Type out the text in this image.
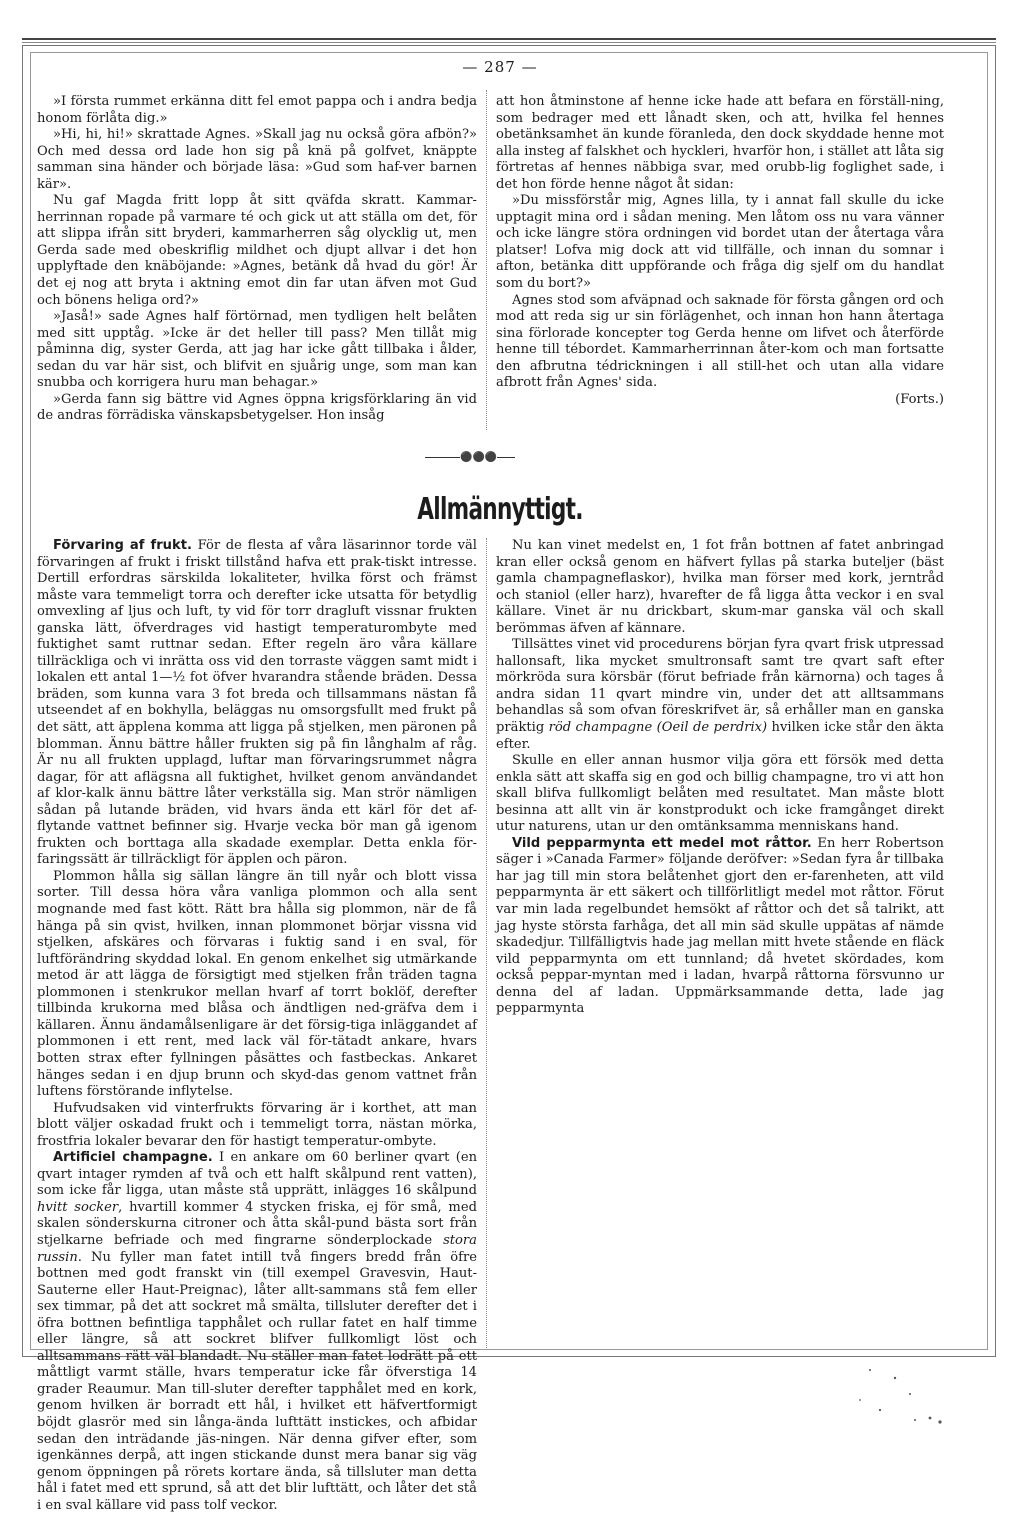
— 287 —

»I första rummet erkänna ditt fel emot pappa och i andra bedja honom förlåta dig.»

»Hi, hi, hi!» skrattade Agnes. »Skall jag nu också göra afbön?» Och med dessa ord lade hon sig på knä på golfvet, knäppte samman sina händer och började läsa: »Gud som haf-ver barnen kär».

Nu gaf Magda fritt lopp åt sitt qväfda skratt. Kammar-herrinnan ropade på varmare té och gick ut att ställa om det, för att slippa ifrån sitt bryderi, kammarherren såg olycklig ut, men Gerda sade med obeskriflig mildhet och djupt allvar i det hon upplyftade den knäböjande: »Agnes, betänk då hvad du gör! Är det ej nog att bryta i aktning emot din far utan äfven mot Gud och bönens heliga ord?»

»Jaså!» sade Agnes half förtörnad, men tydligen helt belåten med sitt upptåg. »Icke är det heller till pass? Men tillåt mig påminna dig, syster Gerda, att jag har icke gått tillbaka i ålder, sedan du var här sist, och blifvit en sjuårig unge, som man kan snubba och korrigera huru man behagar.»

»Gerda fann sig bättre vid Agnes öppna krigsförklaring än vid de andras förrädiska vänskapsbetygelser. Hon insåg

att hon åtminstone af henne icke hade att befara en förställ-ning, som bedrager med ett lånadt sken, och att, hvilka fel hennes obetänksamhet än kunde föranleda, den dock skyddade henne mot alla insteg af falskhet och hyckleri, hvarför hon, i stället att låta sig förtretas af hennes näbbiga svar, med orubb-lig foglighet sade, i det hon förde henne något åt sidan:

»Du missförstår mig, Agnes lilla, ty i annat fall skulle du icke upptagit mina ord i sådan mening. Men låtom oss nu vara vänner och icke längre störa ordningen vid bordet utan der återtaga våra platser! Lofva mig dock att vid tillfälle, och innan du somnar i afton, betänka ditt uppförande och fråga dig sjelf om du handlat som du bort?»

Agnes stod som afväpnad och saknade för första gången ord och mod att reda sig ur sin förlägenhet, och innan hon hann återtaga sina förlorade koncepter tog Gerda henne om lifvet och återförde henne till tébordet. Kammarherrinnan åter-kom och man fortsatte den afbrutna tédrickningen i all still-het och utan alla vidare afbrott från Agnes' sida.

(Forts.)

⚫⚫⚫
Allmännyttigt.

Förvaring af frukt. För de flesta af våra läsarinnor torde väl förvaringen af frukt i friskt tillstånd hafva ett prak-tiskt intresse. Dertill erfordras särskilda lokaliteter, hvilka först och främst måste vara temmeligt torra och derefter icke utsatta för betydlig omvexling af ljus och luft, ty vid för torr dragluft vissnar frukten ganska lätt, öfverdrages vid hastigt temperaturombyte med fuktighet samt ruttnar sedan. Efter regeln äro våra källare tillräckliga och vi inrätta oss vid den torraste väggen samt midt i lokalen ett antal 1—½ fot öfver hvarandra stående bräden. Dessa bräden, som kunna vara 3 fot breda och tillsammans nästan få utseendet af en bokhylla, beläggas nu omsorgsfullt med frukt på det sätt, att äpplena komma att ligga på stjelken, men päronen på blomman. Ännu bättre håller frukten sig på fin långhalm af råg. Är nu all frukten upplagd, luftar man förvaringsrummet några dagar, för att aflägsna all fuktighet, hvilket genom användandet af klor-kalk ännu bättre låter verkställa sig. Man strör nämligen sådan på lutande bräden, vid hvars ända ett kärl för det af-flytande vattnet befinner sig. Hvarje vecka bör man gå igenom frukten och borttaga alla skadade exemplar. Detta enkla för-faringssätt är tillräckligt för äpplen och päron.

Plommon hålla sig sällan längre än till nyår och blott vissa sorter. Till dessa höra våra vanliga plommon och alla sent mognande med fast kött. Rätt bra hålla sig plommon, när de få hänga på sin qvist, hvilken, innan plommonet börjar vissna vid stjelken, afskäres och förvaras i fuktig sand i en sval, för luftförändring skyddad lokal. En genom enkelhet sig utmärkande metod är att lägga de försigtigt med stjelken från träden tagna plommonen i stenkrukor mellan hvarf af torrt boklöf, derefter tillbinda krukorna med blåsa och ändtligen ned-gräfva dem i källaren. Ännu ändamålsenligare är det försig-tiga inläggandet af plommonen i ett rent, med lack väl för-tätadt ankare, hvars botten strax efter fyllningen påsättes och fastbeckas. Ankaret hänges sedan i en djup brunn och skyd-das genom vattnet från luftens förstörande inflytelse.

Hufvudsaken vid vinterfrukts förvaring är i korthet, att man blott väljer oskadad frukt och i temmeligt torra, nästan mörka, frostfria lokaler bevarar den för hastigt temperatur-ombyte.

Artificiel champagne. I en ankare om 60 berliner qvart (en qvart intager rymden af två och ett halft skålpund rent vatten), som icke får ligga, utan måste stå upprätt, inlägges 16 skålpund hvitt socker, hvartill kommer 4 stycken friska, ej för små, med skalen sönderskurna citroner och åtta skål-pund bästa sort från stjelkarne befriade och med fingrarne sönderplockade stora russin. Nu fyller man fatet intill två fingers bredd från öfre bottnen med godt franskt vin (till exempel Gravesvin, Haut-Sauterne eller Haut-Preignac), låter allt-sammans stå fem eller sex timmar, på det att sockret må smälta, tillsluter derefter det i öfra bottnen befintliga tapphålet och rullar fatet en half timme eller längre, så att sockret blifver fullkomligt löst och alltsammans rätt väl blandadt. Nu ställer man fatet lodrätt på ett måttligt varmt ställe, hvars temperatur icke får öfverstiga 14 grader Reaumur. Man till-sluter derefter tapphålet med en kork, genom hvilken är borradt ett hål, i hvilket ett häfvertformigt böjdt glasrör med sin långa-ända lufttätt instickes, och afbidar sedan den inträdande jäs-ningen. När denna gifver efter, som igenkännes derpå, att ingen stickande dunst mera banar sig väg genom öppningen på rörets kortare ända, så tillsluter man detta hål i fatet med ett sprund, så att det blir lufttätt, och låter det stå i en sval källare vid pass tolf veckor.

Nu kan vinet medelst en, 1 fot från bottnen af fatet anbringad kran eller också genom en häfvert fyllas på starka buteljer (bäst gamla champagneflaskor), hvilka man förser med kork, jerntråd och staniol (eller harz), hvarefter de få ligga åtta veckor i en sval källare. Vinet är nu drickbart, skum-mar ganska väl och skall berömmas äfven af kännare.

Tillsättes vinet vid procedurens början fyra qvart frisk utpressad hallonsaft, lika mycket smultronsaft samt tre qvart saft efter mörkröda sura körsbär (förut befriade från kärnorna) och tages å andra sidan 11 qvart mindre vin, under det att alltsammans behandlas så som ofvan föreskrifvet är, så erhåller man en ganska präktig röd champagne (Oeil de perdrix) hvilken icke står den äkta efter.

Skulle en eller annan husmor vilja göra ett försök med detta enkla sätt att skaffa sig en god och billig champagne, tro vi att hon skall blifva fullkomligt belåten med resultatet. Man måste blott besinna att allt vin är konstprodukt och icke framgånget direkt utur naturens, utan ur den omtänksamma menniskans hand.

Vild pepparmynta ett medel mot råttor. En herr Robertson säger i »Canada Farmer» följande deröfver: »Sedan fyra år tillbaka har jag till min stora belåtenhet gjort den er-farenheten, att vild pepparmynta är ett säkert och tillförlitligt medel mot råttor. Förut var min lada regelbundet hemsökt af råttor och det så talrikt, att jag hyste största farhåga, det all min säd skulle uppätas af nämde skadedjur. Tillfälligtvis hade jag mellan mitt hvete stående en fläck vild pepparmynta om ett tunnland; då hvetet skördades, kom också peppar-myntan med i ladan, hvarpå råttorna försvunno ur denna del af ladan. Uppmärksammande detta, lade jag pepparmynta
